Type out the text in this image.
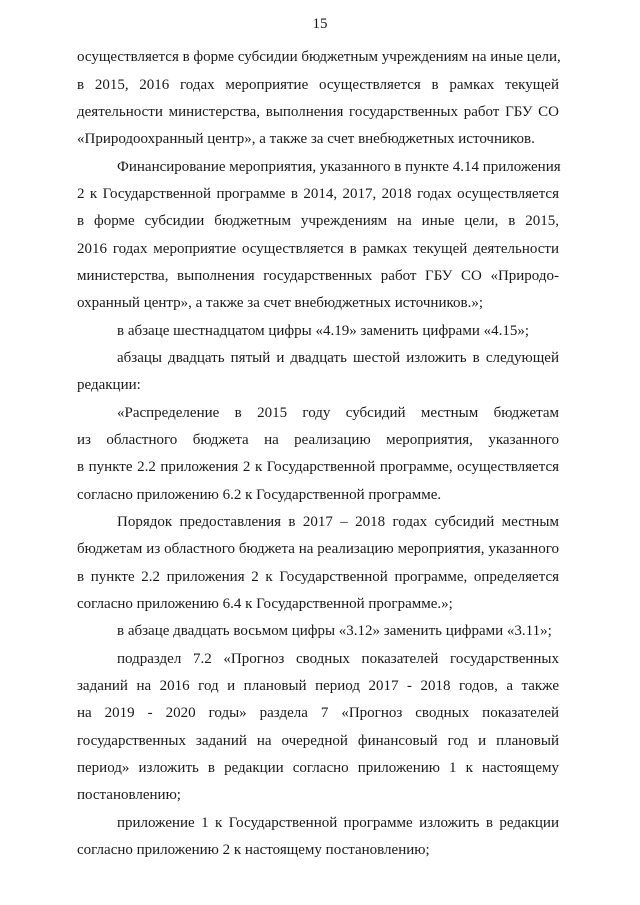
15
осуществляется в форме субсидии бюджетным учреждениям на иные цели,
в 2015, 2016 годах мероприятие осуществляется в рамках текущей
деятельности министерства, выполнения государственных работ ГБУ СО
«Природоохранный центр», а также за счет внебюджетных источников.
Финансирование мероприятия, указанного в пункте 4.14 приложения
2 к Государственной программе в 2014, 2017, 2018 годах осуществляется
в форме субсидии бюджетным учреждениям на иные цели, в 2015,
2016 годах мероприятие осуществляется в рамках текущей деятельности
министерства, выполнения государственных работ ГБУ СО «Природо-
охранный центр», а также за счет внебюджетных источников.»;
в абзаце шестнадцатом цифры «4.19» заменить цифрами «4.15»;
абзацы двадцать пятый и двадцать шестой изложить в следующей
редакции:
«Распределение в 2015 году субсидий местным бюджетам
из областного бюджета на реализацию мероприятия, указанного
в пункте 2.2 приложения 2 к Государственной программе, осуществляется
согласно приложению 6.2 к Государственной программе.
Порядок предоставления в 2017 – 2018 годах субсидий местным
бюджетам из областного бюджета на реализацию мероприятия, указанного
в пункте 2.2 приложения 2 к Государственной программе, определяется
согласно приложению 6.4 к Государственной программе.»;
в абзаце двадцать восьмом цифры «3.12» заменить цифрами «3.11»;
подраздел 7.2 «Прогноз сводных показателей государственных
заданий на 2016 год и плановый период 2017 - 2018 годов, а также
на 2019 - 2020 годы» раздела 7 «Прогноз сводных показателей
государственных заданий на очередной финансовый год и плановый
период» изложить в редакции согласно приложению 1 к настоящему
постановлению;
приложение 1 к Государственной программе изложить в редакции
согласно приложению 2 к настоящему постановлению;
